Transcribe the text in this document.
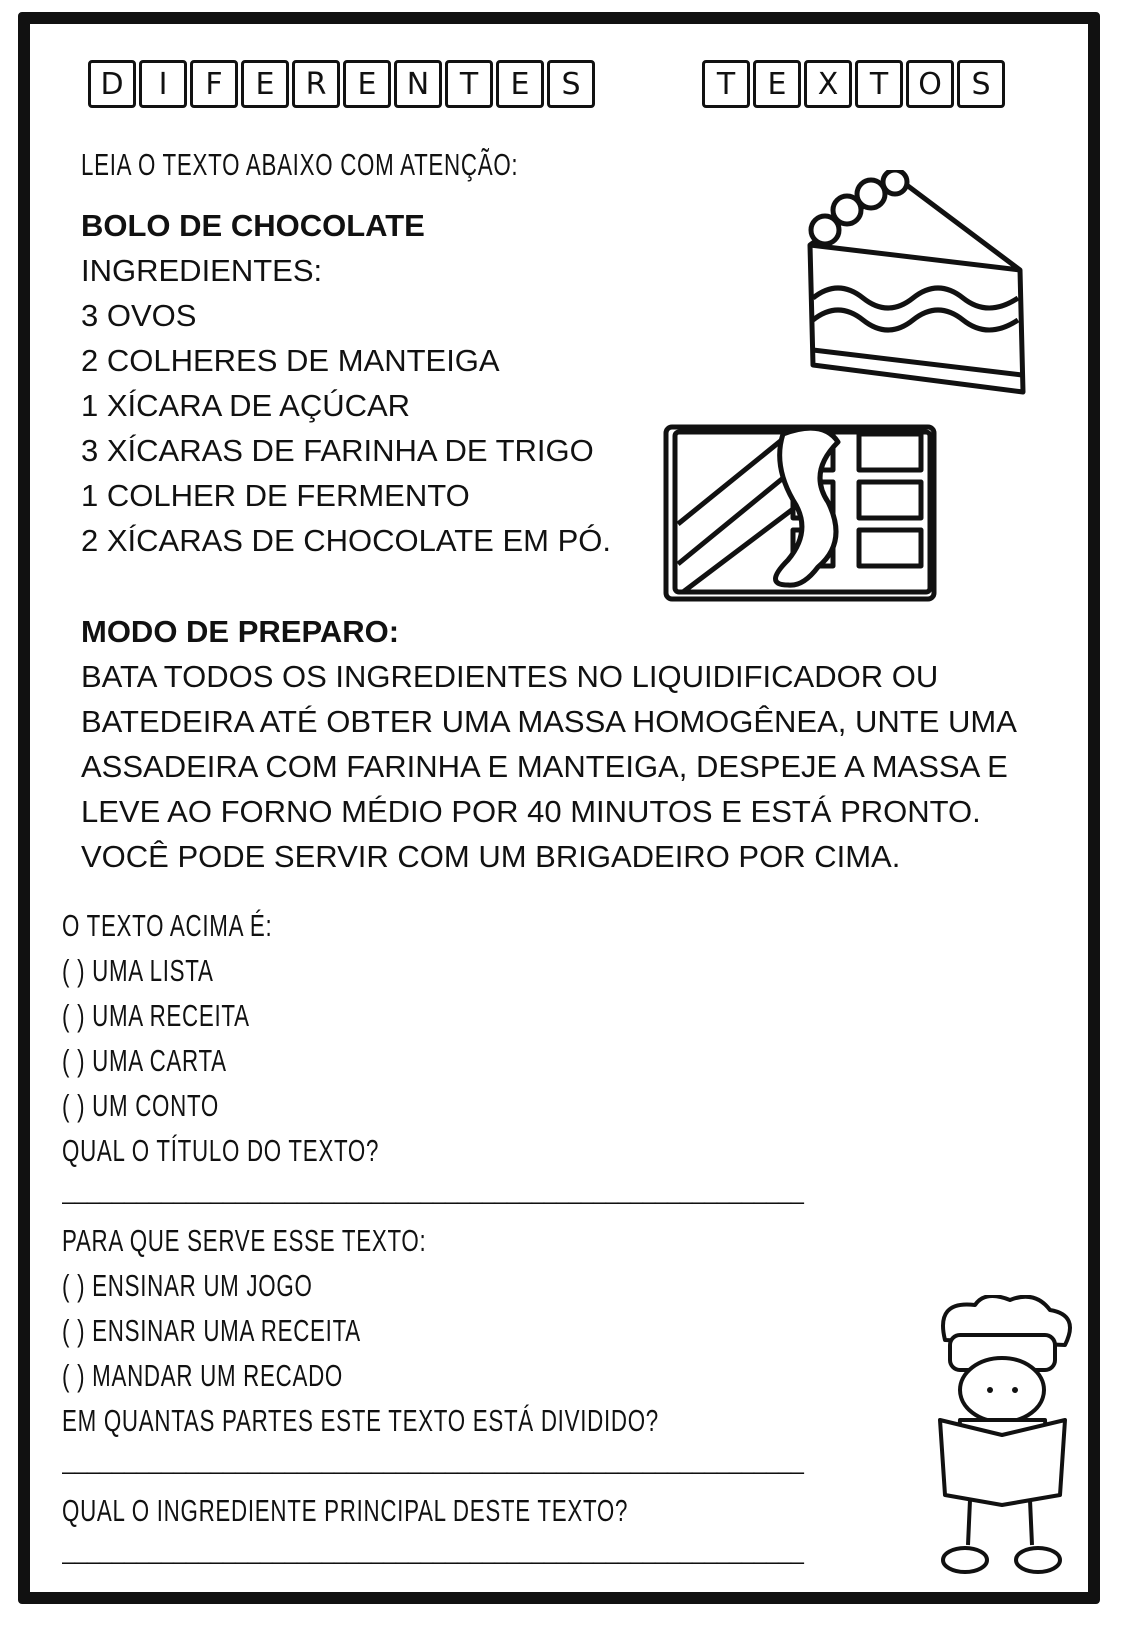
D	I	F	E	R	E	N	T	E	S	T	E	X	T	O S
LEIA O TEXTO ABAIXO COM ATENÇÃO:
BOLO DE CHOCOLATE
INGREDIENTES:
3 OVOS
2 COLHERES DE MANTEIGA
1 XÍCARA DE AÇÚCAR
3 XÍCARAS DE FARINHA DE TRIGO
1 COLHER DE FERMENTO
2 XÍCARAS DE CHOCOLATE EM PÓ.
MODO DE PREPARO:
BATA TODOS OS INGREDIENTES NO LIQUIDIFICADOR OU
BATEDEIRA ATÉ OBTER UMA MASSA HOMOGÊNEA, UNTE UMA
ASSADEIRA COM FARINHA E MANTEIGA, DESPEJE A MASSA E
LEVE AO FORNO MÉDIO POR 40 MINUTOS E ESTÁ PRONTO.
VOCÊ PODE SERVIR COM UM BRIGADEIRO POR CIMA.
O TEXTO ACIMA É:
( ) UMA LISTA
( ) UMA RECEITA
( ) UMA CARTA
( ) UM CONTO
QUAL O TÍTULO DO TEXTO?
____________________________________________________________
PARA QUE SERVE ESSE TEXTO:
( ) ENSINAR UM JOGO
( ) ENSINAR UMA RECEITA
( ) MANDAR UM RECADO
EM QUANTAS PARTES ESTE TEXTO ESTÁ DIVIDIDO?
____________________________________________________________
QUAL O INGREDIENTE PRINCIPAL DESTE TEXTO?
____________________________________________________________
